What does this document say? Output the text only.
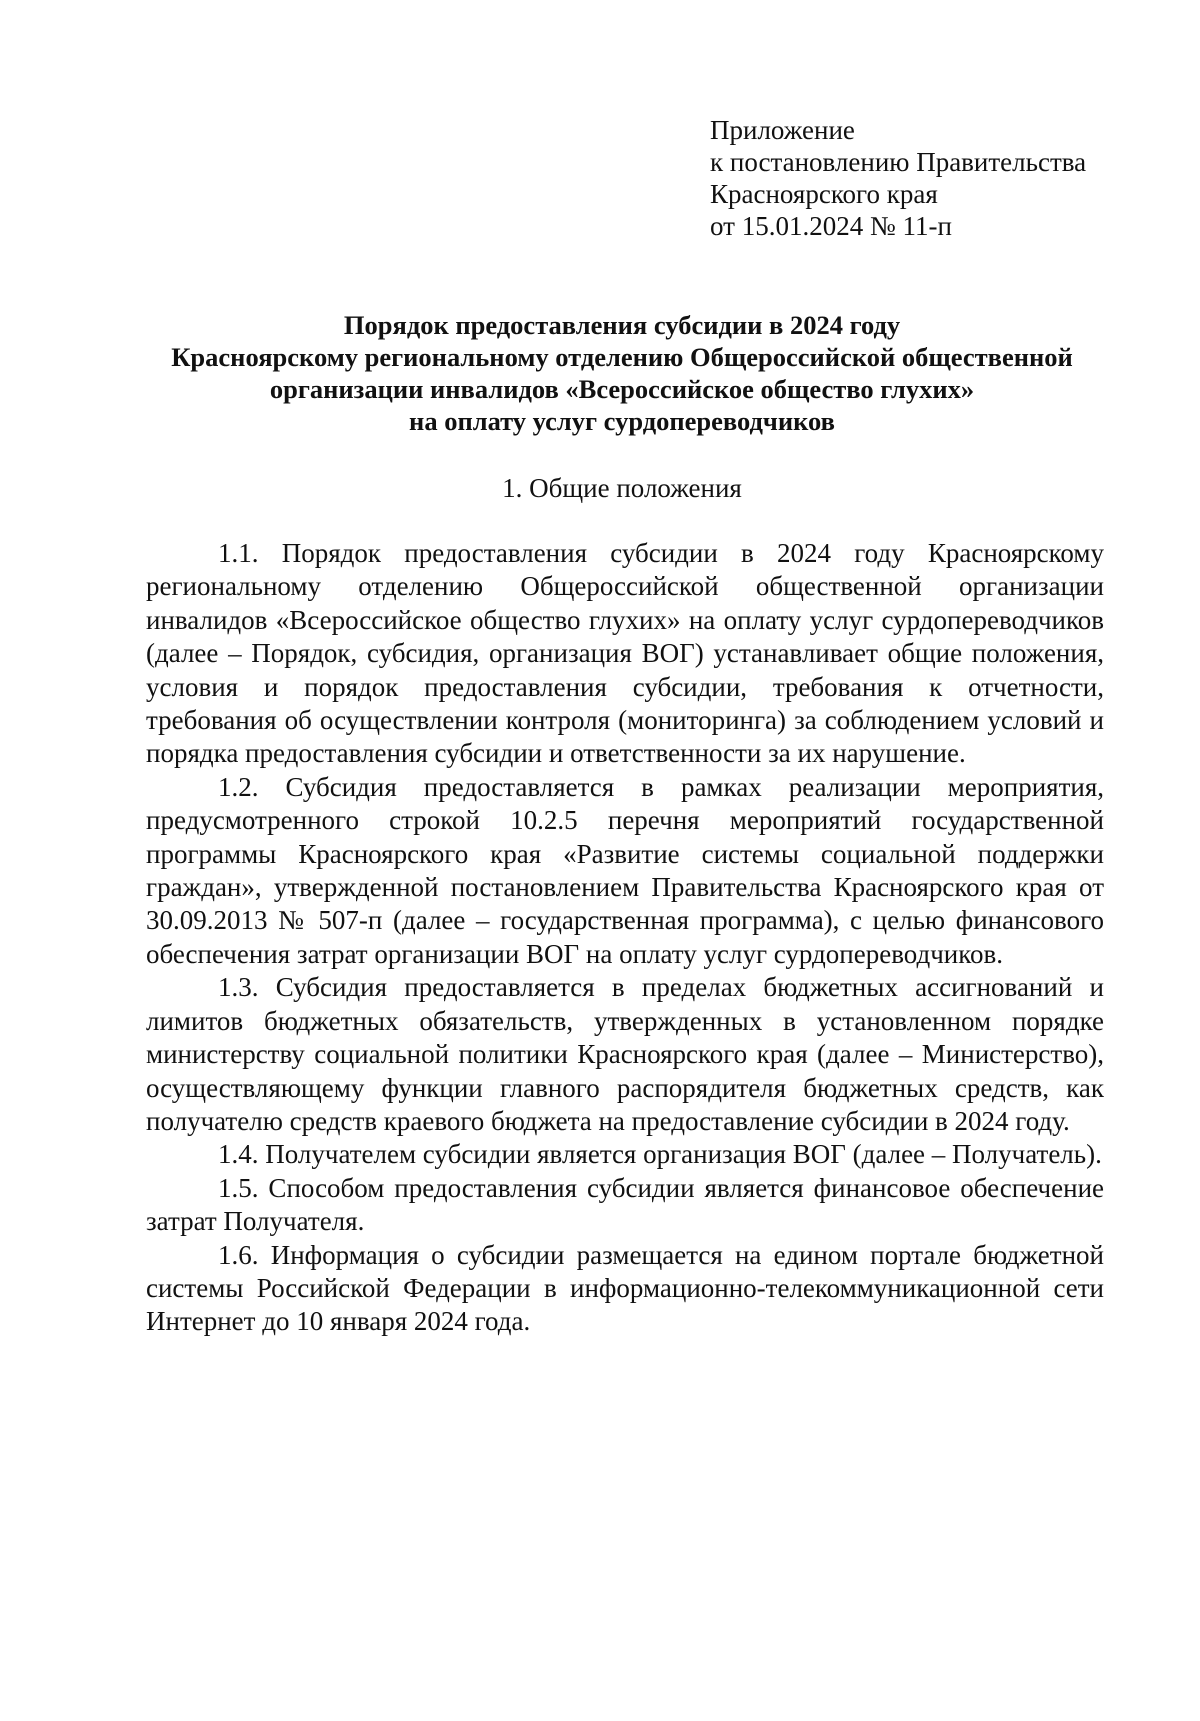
Приложение
к постановлению Правительства
Красноярского края
от 15.01.2024 № 11-п
Порядок предоставления субсидии в 2024 году
Красноярскому региональному отделению Общероссийской общественной
организации инвалидов «Всероссийское общество глухих»
на оплату услуг сурдопереводчиков
1. Общие положения

1.1. Порядок предоставления субсидии в 2024 году Красноярскому региональному отделению Общероссийской общественной организации инвалидов «Всероссийское общество глухих» на оплату услуг сурдопереводчиков (далее – Порядок, субсидия, организация ВОГ) устанавливает общие положения, условия и порядок предоставления субсидии, требования к отчетности, требования об осуществлении контроля (мониторинга) за соблюдением условий и порядка предоставления субсидии и ответственности за их нарушение.

1.2. Субсидия предоставляется в рамках реализации мероприятия, предусмотренного строкой 10.2.5 перечня мероприятий государственной программы Красноярского края «Развитие системы социальной поддержки граждан», утвержденной постановлением Правительства Красноярского края от 30.09.2013 № 507-п (далее – государственная программа), с целью финансового обеспечения затрат организации ВОГ на оплату услуг сурдопереводчиков.

1.3. Субсидия предоставляется в пределах бюджетных ассигнований и лимитов бюджетных обязательств, утвержденных в установленном порядке министерству социальной политики Красноярского края (далее – Министерство), осуществляющему функции главного распорядителя бюджетных средств, как получателю средств краевого бюджета на предоставление субсидии в 2024 году.

1.4. Получателем субсидии является организация ВОГ (далее – Получатель).

1.5. Способом предоставления субсидии является финансовое обеспечение затрат Получателя.

1.6. Информация о субсидии размещается на едином портале бюджетной системы Российской Федерации в информационно-телекоммуникационной сети Интернет до 10 января 2024 года.
